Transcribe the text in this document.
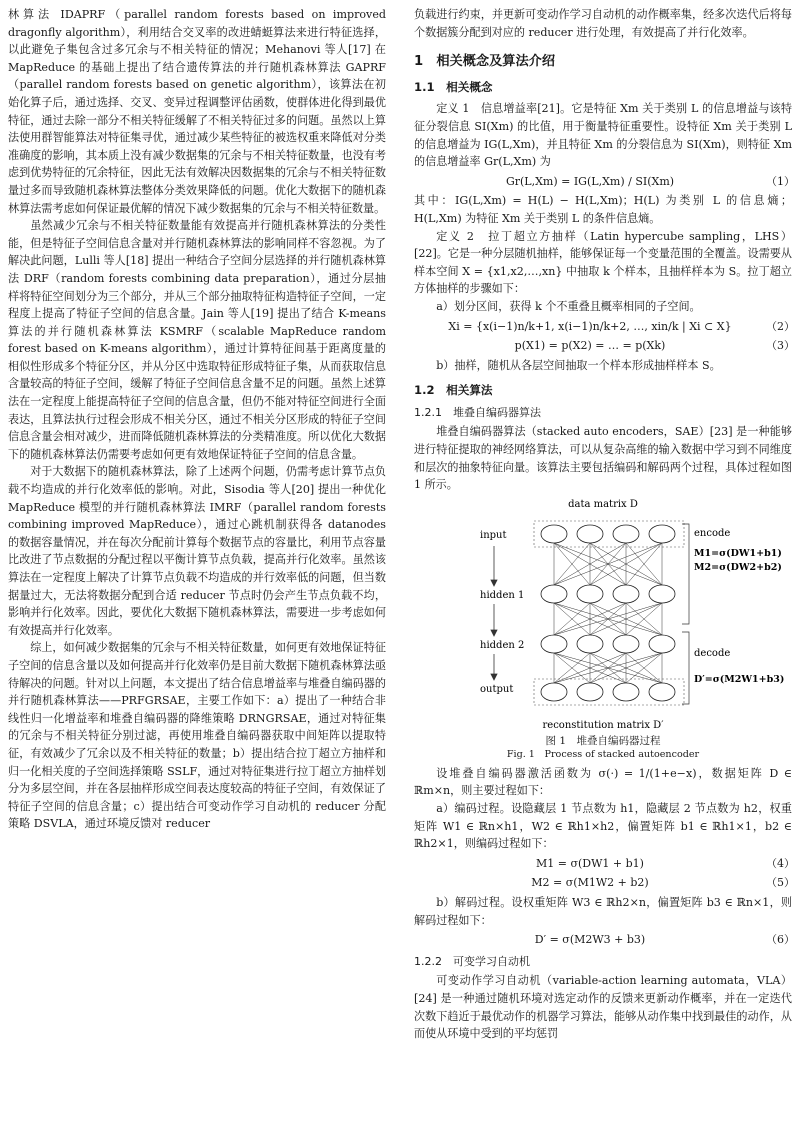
林算法 IDAPRF（parallel random forests based on improved dragonfly algorithm），利用结合交叉率的改进蜻蜓算法来进行特征选择，以此避免子集包含过多冗余与不相关特征的情况；Mehanovi 等人[17] 在 MapReduce 的基础上提出了结合遗传算法的并行随机森林算法 GAPRF（parallel random forests based on genetic algorithm），该算法在初始化算子后，通过选择、交叉、变异过程调整评估函数，使群体进化得到最优特征，通过去除一部分不相关特征缓解了不相关特征过多的问题。虽然以上算法使用群智能算法对特征集寻优，通过减少某些特征的被选权重来降低对分类准确度的影响，其本质上没有减少数据集的冗余与不相关特征数量，也没有考虑到优势特征的冗余特征，因此无法有效解决因数据集的冗余与不相关特征数量过多而导致随机森林算法整体分类效果降低的问题。优化大数据下的随机森林算法需考虑如何保证最优解的情况下减少数据集的冗余与不相关特征数量。

虽然减少冗余与不相关特征数量能有效提高并行随机森林算法的分类性能，但是特征子空间信息含量对并行随机森林算法的影响同样不容忽视。为了解决此问题，Lulli 等人[18] 提出一种结合子空间分层选择的并行随机森林算法 DRF（random forests combining data preparation），通过分层抽样将特征空间划分为三个部分，并从三个部分抽取特征构造特征子空间，一定程度上提高了特征子空间的信息含量。Jain 等人[19] 提出了结合 K-means 算法的并行随机森林算法 KSMRF（scalable MapReduce random forest based on K-means algorithm），通过计算特征间基于距离度量的相似性形成多个特征分区，并从分区中选取特征形成特征子集，从而获取信息含量较高的特征子空间，缓解了特征子空间信息含量不足的问题。虽然上述算法在一定程度上能提高特征子空间的信息含量，但仍不能对特征空间进行全面表达，且算法执行过程会形成不相关分区，通过不相关分区形成的特征子空间信息含量会相对减少，进而降低随机森林算法的分类精准度。所以优化大数据下的随机森林算法仍需要考虑如何更有效地保证特征子空间的信息含量。

对于大数据下的随机森林算法，除了上述两个问题，仍需考虑计算节点负载不均造成的并行化效率低的影响。对此，Sisodia 等人[20] 提出一种优化 MapReduce 模型的并行随机森林算法 IMRF（parallel random forests combining improved MapReduce），通过心跳机制获得各 datanodes 的数据容量情况，并在每次分配前计算每个数据节点的容量比，利用节点容量比改进了节点数据的分配过程以平衡计算节点负载，提高并行化效率。虽然该算法在一定程度上解决了计算节点负载不均造成的并行效率低的问题，但当数据量过大，无法将数据分配到合适 reducer 节点时仍会产生节点负载不均，影响并行化效率。因此，要优化大数据下随机森林算法，需要进一步考虑如何有效提高并行化效率。

综上，如何减少数据集的冗余与不相关特征数量，如何更有效地保证特征子空间的信息含量以及如何提高并行化效率仍是目前大数据下随机森林算法亟待解决的问题。针对以上问题，本文提出了结合信息增益率与堆叠自编码器的并行随机森林算法——PRFGRSAE，主要工作如下：a）提出了一种结合非线性归一化增益率和堆叠自编码器的降维策略 DRNGRSAE，通过对特征集的冗余与不相关特征分别过滤，再使用堆叠自编码器获取中间矩阵以提取特征，有效减少了冗余以及不相关特征的数量；b）提出结合拉丁超立方抽样和归一化相关度的子空间选择策略 SSLF，通过对特征集进行拉丁超立方抽样划分为多层空间，并在各层抽样形成空间表达度较高的特征子空间，有效保证了特征子空间的信息含量；c）提出结合可变动作学习自动机的 reducer 分配策略 DSVLA，通过环境反馈对 reducer

负载进行约束，并更新可变动作学习自动机的动作概率集，经多次迭代后将每个数据簇分配到对应的 reducer 进行处理，有效提高了并行化效率。

1　相关概念及算法介绍
1.1　相关概念

定义 1　信息增益率[21]。它是特征 Xm 关于类别 L 的信息增益与该特征分裂信息 SI(Xm) 的比值，用于衡量特征重要性。设特征 Xm 关于类别 L 的信息增益为 IG(L,Xm)，并且特征 Xm 的分裂信息为 SI(Xm)，则特征 Xm 的信息增益率 Gr(L,Xm) 为

Gr(L,Xm) = IG(L,Xm) / SI(Xm)	（1）

其中：IG(L,Xm) = H(L) − H(L,Xm)；H(L) 为类别 L 的信息熵；H(L,Xm) 为特征 Xm 关于类别 L 的条件信息熵。

定义 2　拉丁超立方抽样（Latin hypercube sampling，LHS）[22]。它是一种分层随机抽样，能够保证每一个变量范围的全覆盖。设需要从样本空间 X = {x1,x2,…,xn} 中抽取 k 个样本，且抽样样本为 S。拉丁超立方体抽样的步骤如下：

a）划分区间，获得 k 个不重叠且概率相同的子空间。

Xi = {x(i−1)n/k+1, x(i−1)n/k+2, …, xin/k | Xi ⊂ X}	（2）
p(X1) = p(X2) = … = p(Xk)	（3）

b）抽样，随机从各层空间抽取一个样本形成抽样样本 S。

1.2　相关算法
1.2.1　堆叠自编码器算法

堆叠自编码器算法（stacked auto encoders，SAE）[23] 是一种能够进行特征提取的神经网络算法，可以从复杂高维的输入数据中学习到不同维度和层次的抽象特征向量。该算法主要包括编码和解码两个过程，具体过程如图 1 所示。

data matrix D
reconstitution matrix D′
input
hidden 1
hidden 2
output
encode
M1=σ(DW1+b1)
M2=σ(DW2+b2)
decode
D′=σ(M2W1+b3)
图 1　堆叠自编码器过程
Fig. 1　Process of stacked autoencoder

设堆叠自编码器激活函数为 σ(·) = 1/(1+e−x)，数据矩阵 D ∈ ℝm×n，则主要过程如下：

a）编码过程。设隐藏层 1 节点数为 h1，隐藏层 2 节点数为 h2，权重矩阵 W1 ∈ ℝn×h1，W2 ∈ ℝh1×h2，偏置矩阵 b1 ∈ ℝh1×1，b2 ∈ ℝh2×1，则编码过程如下：

M1 = σ(DW1 + b1)	（4）
M2 = σ(M1W2 + b2)	（5）

b）解码过程。设权重矩阵 W3 ∈ ℝh2×n，偏置矩阵 b3 ∈ ℝn×1，则解码过程如下：

D′ = σ(M2W3 + b3)	（6）
1.2.2　可变学习自动机

可变动作学习自动机（variable-action learning automata，VLA）[24] 是一种通过随机环境对选定动作的反馈来更新动作概率，并在一定迭代次数下趋近于最优动作的机器学习算法，能够从动作集中找到最佳的动作，从而使从环境中受到的平均惩罚
